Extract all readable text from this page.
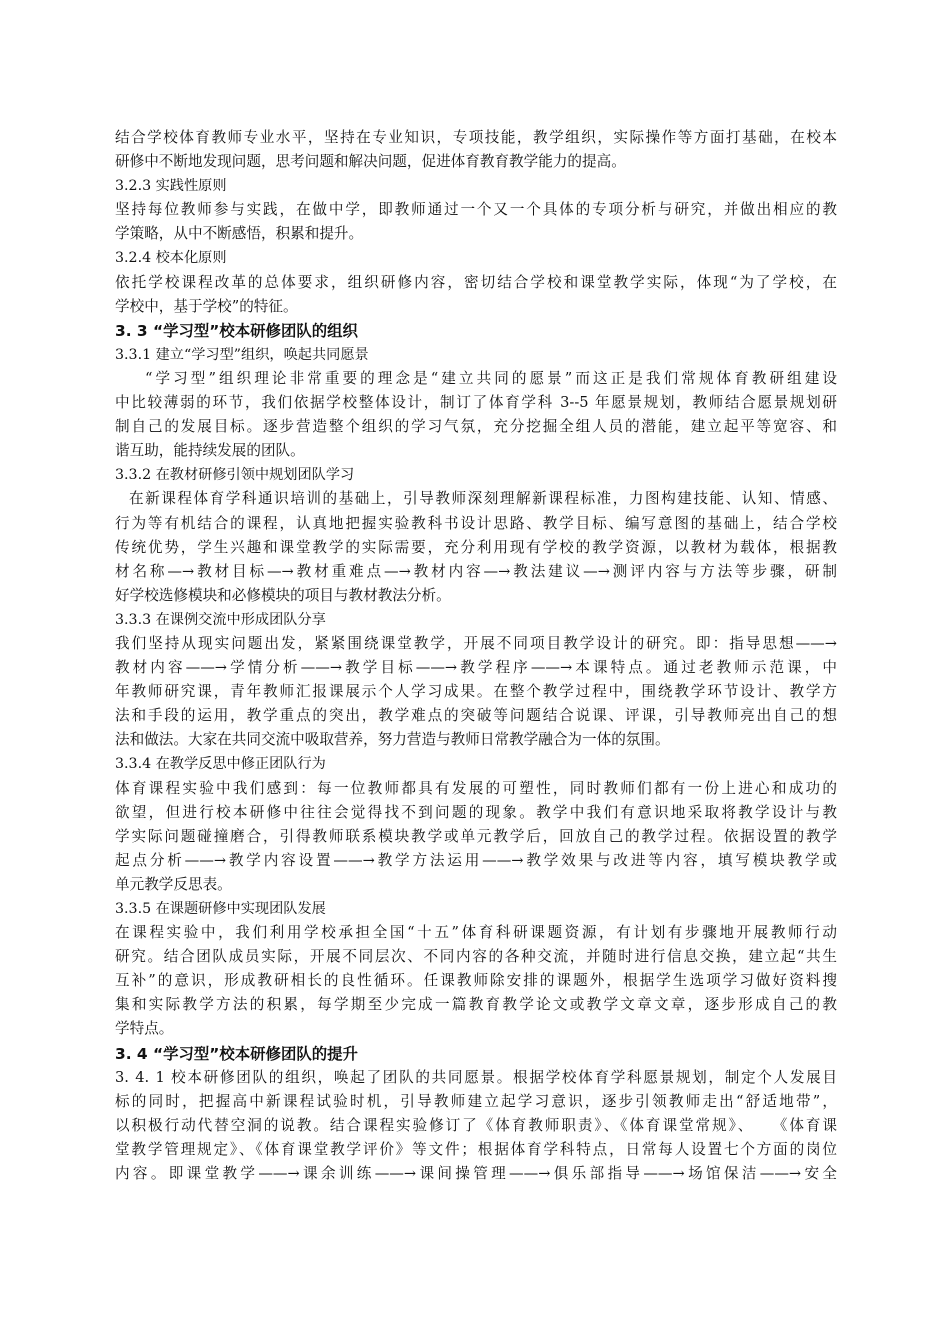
结合学校体育教师专业水平，坚持在专业知识，专项技能，教学组织，实际操作等方面打基础，在校本
研修中不断地发现问题，思考问题和解决问题，促进体育教育教学能力的提高。
3.2.3 实践性原则
坚持每位教师参与实践，在做中学，即教师通过一个又一个具体的专项分析与研究，并做出相应的教
学策略，从中不断感悟，积累和提升。
3.2.4 校本化原则
依托学校课程改革的总体要求，组织研修内容，密切结合学校和课堂教学实际，体现“为了学校，在
学校中，基于学校”的特征。
3. 3 “学习型”校本研修团队的组织
3.3.1 建立“学习型”组织，唤起共同愿景
“学习型”组织理论非常重要的理念是“建立共同的愿景”而这正是我们常规体育教研组建设
中比较薄弱的环节，我们依据学校整体设计，制订了体育学科 3--5 年愿景规划，教师结合愿景规划研
制自己的发展目标。逐步营造整个组织的学习气氛，充分挖掘全组人员的潜能，建立起平等宽容、和
谐互助，能持续发展的团队。
3.3.2 在教材研修引领中规划团队学习
在新课程体育学科通识培训的基础上，引导教师深刻理解新课程标准，力图构建技能、认知、情感、
行为等有机结合的课程，认真地把握实验教科书设计思路、教学目标、编写意图的基础上，结合学校
传统优势，学生兴趣和课堂教学的实际需要，充分利用现有学校的教学资源，以教材为载体，根据教
材名称—→教材目标—→教材重难点—→教材内容—→教法建议—→测评内容与方法等步骤，研制
好学校选修模块和必修模块的项目与教材教法分析。
3.3.3 在课例交流中形成团队分享
我们坚持从现实问题出发，紧紧围绕课堂教学，开展不同项目教学设计的研究。即：指导思想——→
教材内容——→学情分析——→教学目标——→教学程序——→本课特点。通过老教师示范课，中
年教师研究课，青年教师汇报课展示个人学习成果。在整个教学过程中，围绕教学环节设计、教学方
法和手段的运用，教学重点的突出，教学难点的突破等问题结合说课、评课，引导教师亮出自己的想
法和做法。大家在共同交流中吸取营养，努力营造与教师日常教学融合为一体的氛围。
3.3.4 在教学反思中修正团队行为
体育课程实验中我们感到：每一位教师都具有发展的可塑性，同时教师们都有一份上进心和成功的
欲望，但进行校本研修中往往会觉得找不到问题的现象。教学中我们有意识地采取将教学设计与教
学实际问题碰撞磨合，引得教师联系模块教学或单元教学后，回放自己的教学过程。依据设置的教学
起点分析——→教学内容设置——→教学方法运用——→教学效果与改进等内容，填写模块教学或
单元教学反思表。
3.3.5 在课题研修中实现团队发展
在课程实验中，我们利用学校承担全国“十五”体育科研课题资源，有计划有步骤地开展教师行动
研究。结合团队成员实际，开展不同层次、不同内容的各种交流，并随时进行信息交换，建立起“共生
互补”的意识，形成教研相长的良性循环。任课教师除安排的课题外，根据学生选项学习做好资料搜
集和实际教学方法的积累，每学期至少完成一篇教育教学论文或教学文章文章，逐步形成自己的教
学特点。
3. 4 “学习型”校本研修团队的提升
3. 4. 1 校本研修团队的组织，唤起了团队的共同愿景。根据学校体育学科愿景规划，制定个人发展目
标的同时，把握高中新课程试验时机，引导教师建立起学习意识，逐步引领教师走出“舒适地带”，
以积极行动代替空洞的说教。结合课程实验修订了《体育教师职责》、《体育课堂常规》、　　《体育课
堂教学管理规定》、《体育课堂教学评价》等文件；根据体育学科特点，日常每人设置七个方面的岗位
内容。即课堂教学——→课余训练——→课间操管理——→俱乐部指导——→场馆保洁——→安全
